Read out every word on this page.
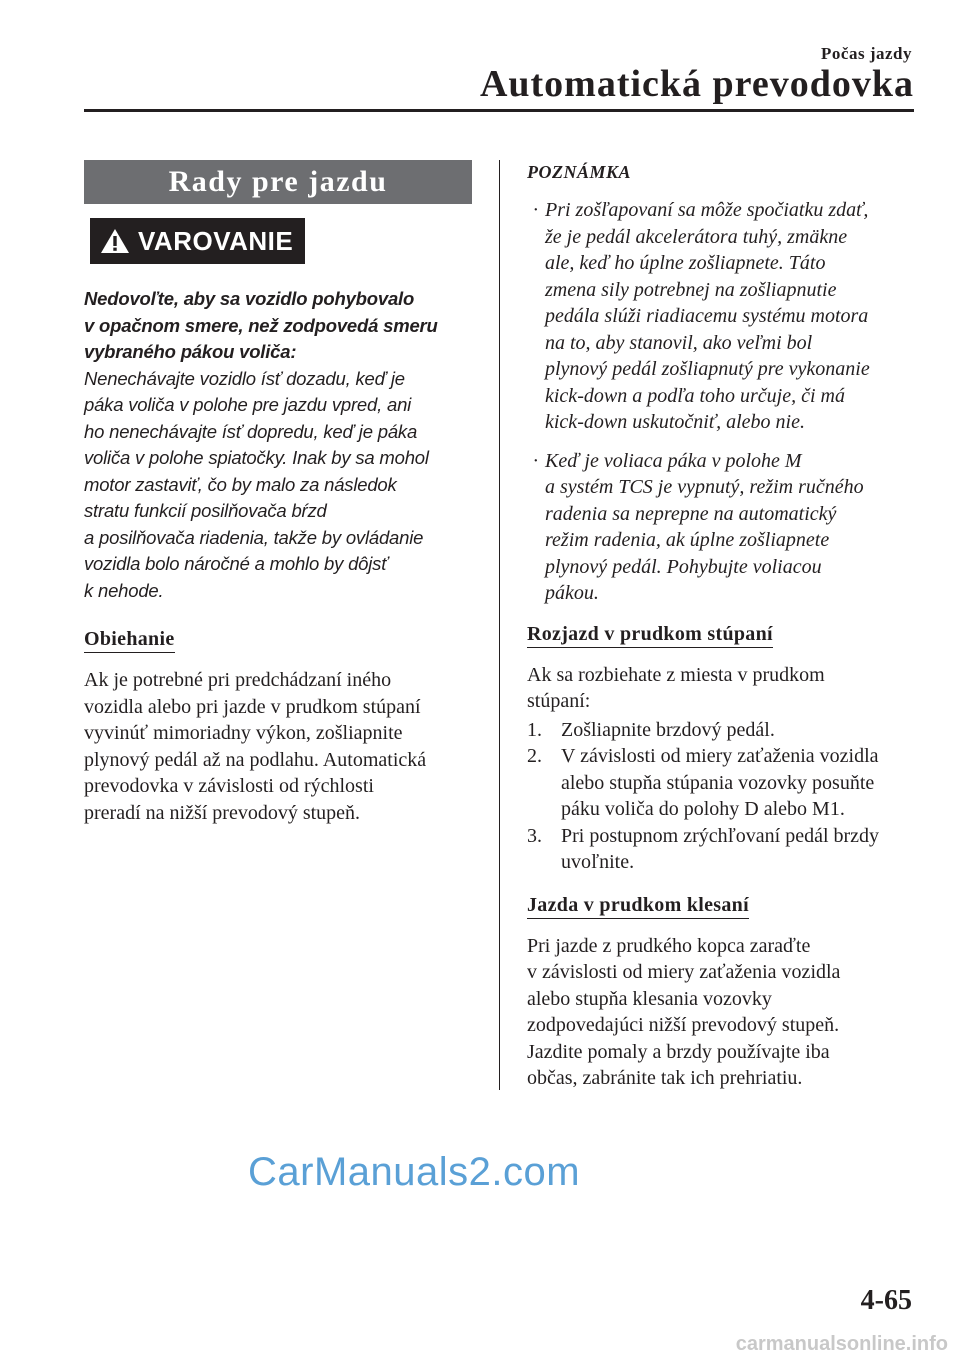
Počas jazdy
Automatická prevodovka
Rady pre jazdu
VAROVANIE
Nedovoľte, aby sa vozidlo pohybovalo
v opačnom smere, než zodpovedá smeru
vybraného pákou voliča:
Nenechávajte vozidlo ísť dozadu, keď je
páka voliča v polohe pre jazdu vpred, ani
ho nenechávajte ísť dopredu, keď je páka
voliča v polohe spiatočky. Inak by sa mohol
motor zastaviť, čo by malo za následok
stratu funkcií posilňovača bŕzd
a posilňovača riadenia, takže by ovládanie
vozidla bolo náročné a mohlo by dôjsť
k nehode.
Obiehanie
Ak je potrebné pri predchádzaní iného
vozidla alebo pri jazde v prudkom stúpaní
vyvinúť mimoriadny výkon, zošliapnite
plynový pedál až na podlahu. Automatická
prevodovka v závislosti od rýchlosti
preradí na nižší prevodový stupeň.
POZNÁMKA
· Pri zošľapovaní sa môže spočiatku zdať,
že je pedál akcelerátora tuhý, zmäkne
ale, keď ho úplne zošliapnete. Táto
zmena sily potrebnej na zošliapnutie
pedála slúži riadiacemu systému motora
na to, aby stanovil, ako veľmi bol
plynový pedál zošliapnutý pre vykonanie
kick-down a podľa toho určuje, či má
kick-down uskutočniť, alebo nie.
· Keď je voliaca páka v polohe M
a systém TCS je vypnutý, režim ručného
radenia sa neprepne na automatický
režim radenia, ak úplne zošliapnete
plynový pedál. Pohybujte voliacou
pákou.
Rozjazd v prudkom stúpaní
Ak sa rozbiehate z miesta v prudkom
stúpaní:
1. Zošliapnite brzdový pedál.
2. V závislosti od miery zaťaženia vozidla
alebo stupňa stúpania vozovky posuňte
páku voliča do polohy D alebo M1.
3. Pri postupnom zrýchľovaní pedál brzdy
uvoľnite.
Jazda v prudkom klesaní
Pri jazde z prudkého kopca zaraďte
v závislosti od miery zaťaženia vozidla
alebo stupňa klesania vozovky
zodpovedajúci nižší prevodový stupeň.
Jazdite pomaly a brzdy používajte iba
občas, zabránite tak ich prehriatiu.
CarManuals2.com
4-65
carmanualsonline.info
